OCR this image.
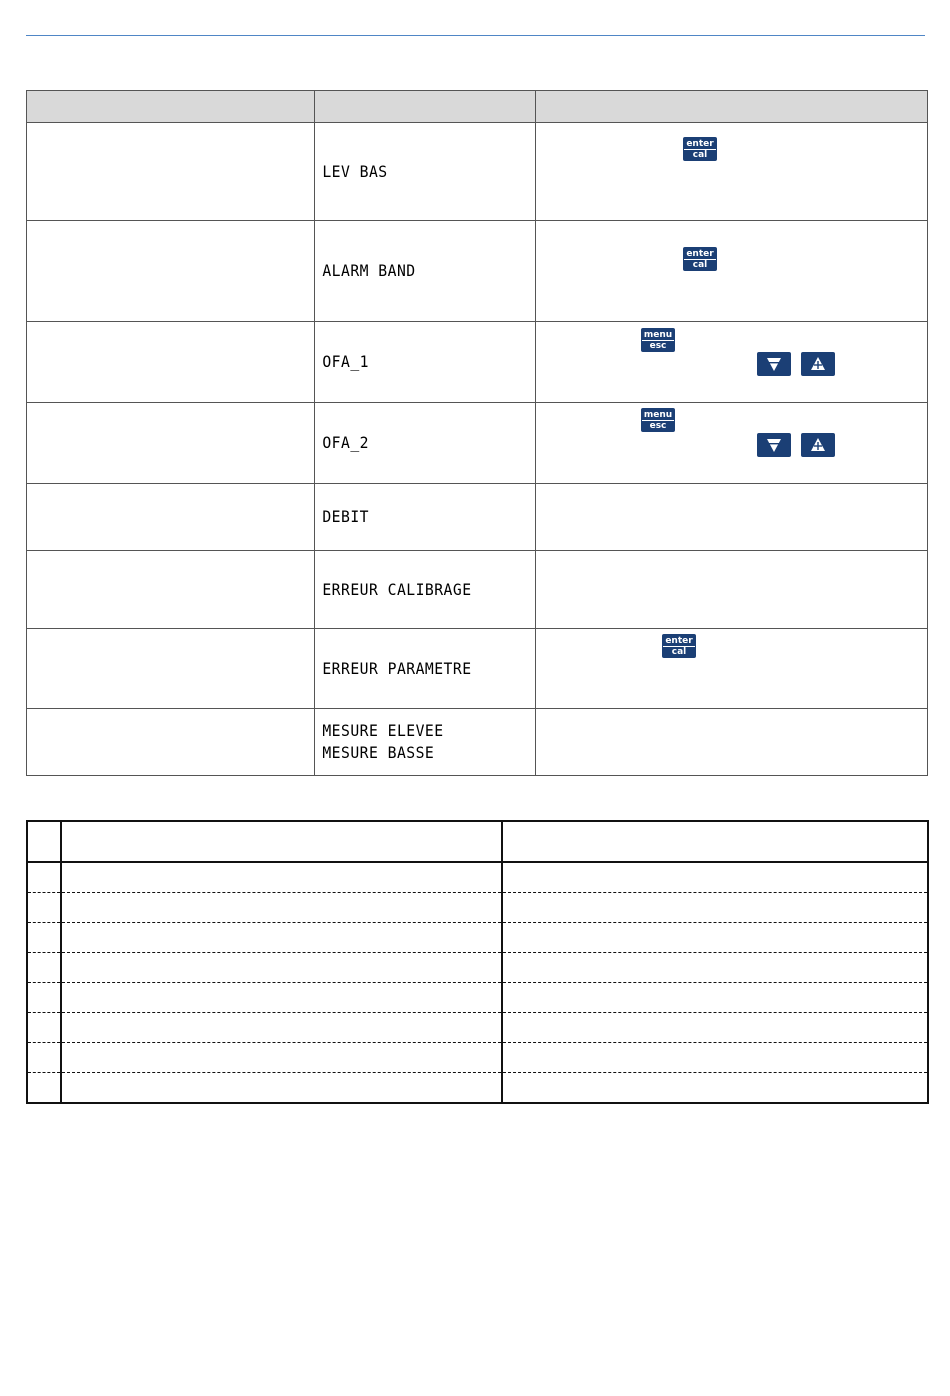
	LEV BAS	enter
cal

	ALARM BAND	enter
cal

	OFA_1	menu
esc

	OFA_2	menu
esc

	DEBIT	

	ERREUR CALIBRAGE	

	ERREUR PARAMETRE	enter
cal

	MESURE ELEVEE
MESURE BASSE	
